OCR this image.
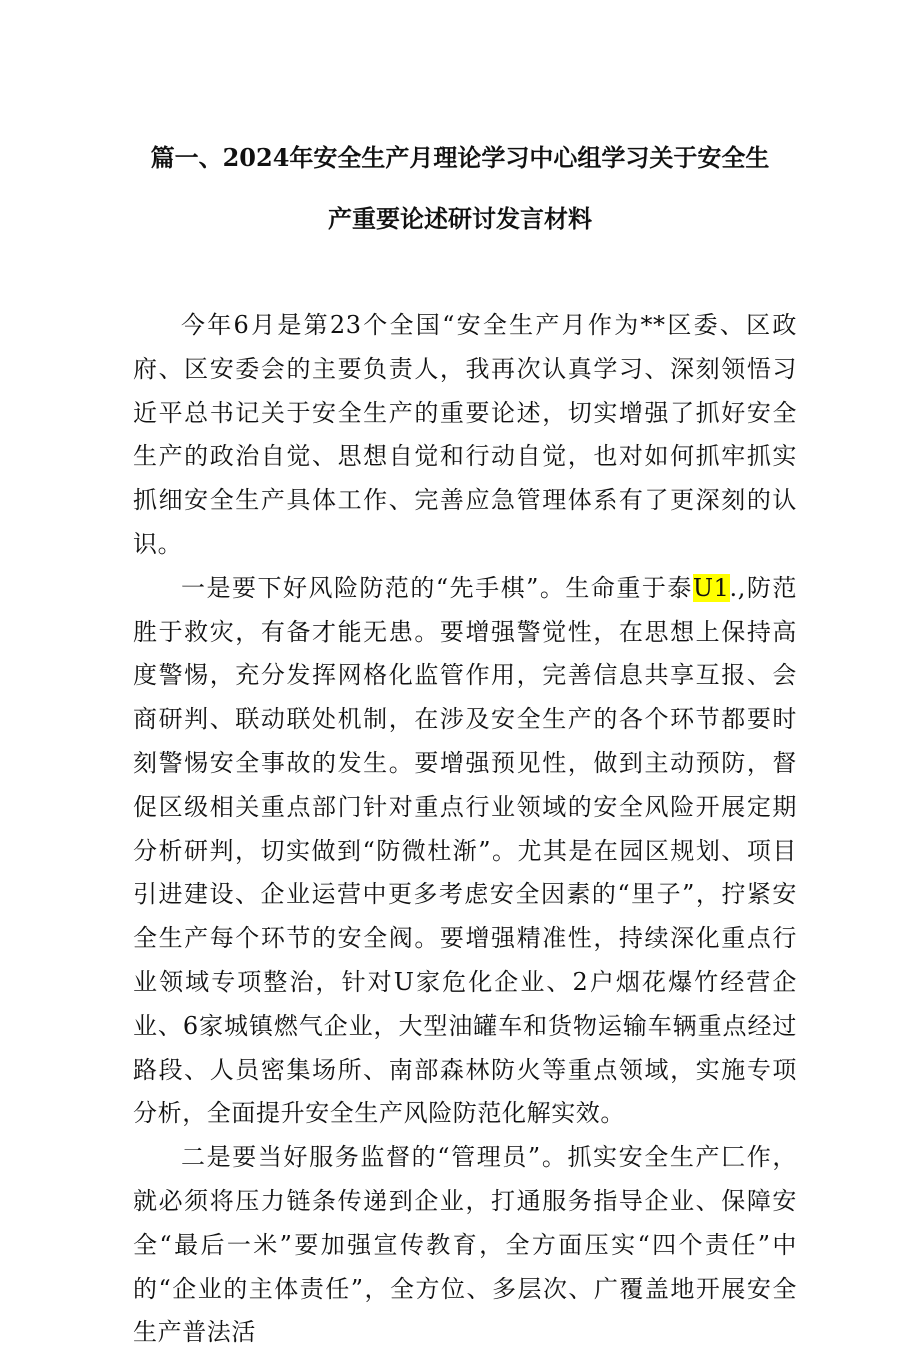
篇一、2024年安全生产月理论学习中心组学习关于安全生
产重要论述研讨发言材料

今年6月是第23个全国“安全生产月作为**区委、区政府、区安委会的主要负责人，我再次认真学习、深刻领悟习近平总书记关于安全生产的重要论述，切实增强了抓好安全生产的政治自觉、思想自觉和行动自觉，也对如何抓牢抓实抓细安全生产具体工作、完善应急管理体系有了更深刻的认识。

一是要下好风险防范的“先手棋”。生命重于泰U1.,防范胜于救灾，有备才能无患。要增强警觉性，在思想上保持高度警惕，充分发挥网格化监管作用，完善信息共享互报、会商研判、联动联处机制，在涉及安全生产的各个环节都要时刻警惕安全事故的发生。要增强预见性，做到主动预防，督促区级相关重点部门针对重点行业领域的安全风险开展定期分析研判，切实做到“防微杜渐”。尤其是在园区规划、项目引进建设、企业运营中更多考虑安全因素的“里子”，拧紧安全生产每个环节的安全阀。要增强精准性，持续深化重点行业领域专项整治，针对U家危化企业、2户烟花爆竹经营企业、6家城镇燃气企业，大型油罐车和货物运输车辆重点经过路段、人员密集场所、南部森林防火等重点领域，实施专项分析，全面提升安全生产风险防范化解实效。

二是要当好服务监督的“管理员”。抓实安全生产匚作，就必须将压力链条传递到企业，打通服务指导企业、保障安全“最后一米”要加强宣传教育，全方面压实“四个责任”中的“企业的主体责任”，全方位、多层次、广覆盖地开展安全生产普法活
